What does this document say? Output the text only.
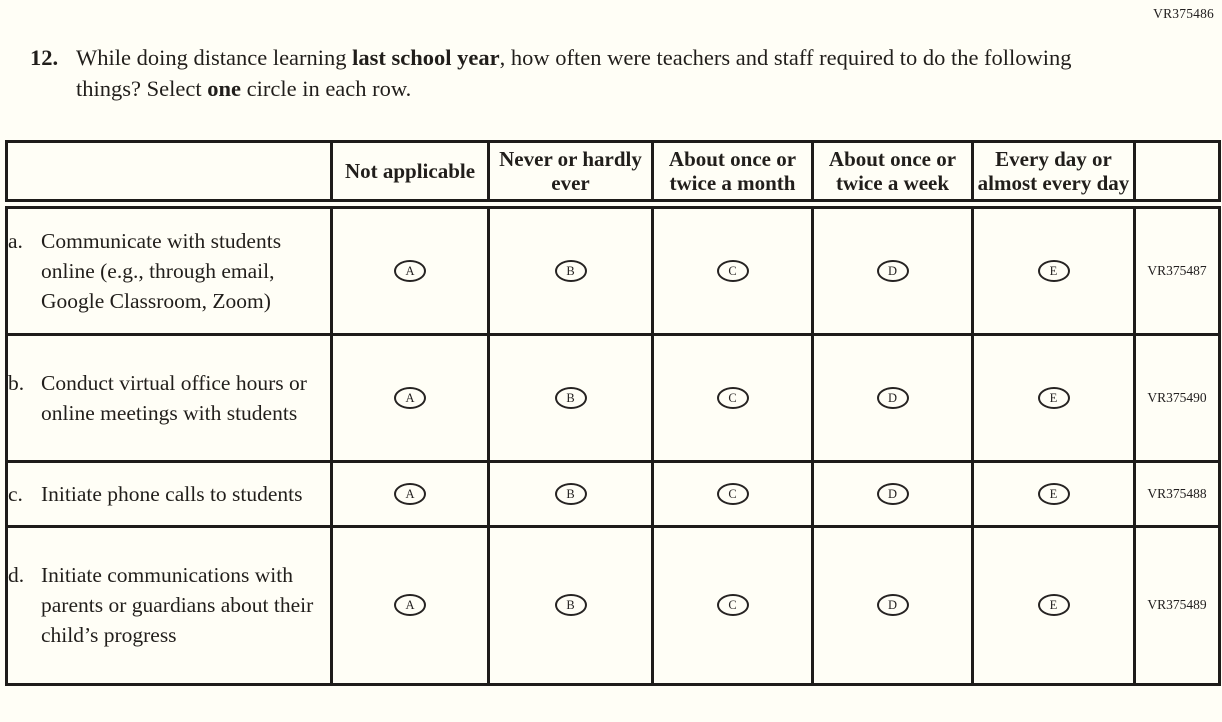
VR375486
12. While doing distance learning last school year, how often were teachers and staff required to do the following things? Select one circle in each row.
	Not applicable	Never or hardly ever	About once or twice a month	About once or twice a week	Every day or almost every day	

a. Communicate with students online (e.g., through email, Google Classroom, Zoom)	A	B	C	D	E	VR375487

b. Conduct virtual office hours or online meetings with students	A	B	C	D	E	VR375490

c. Initiate phone calls to students	A	B	C	D	E	VR375488

d. Initiate communications with parents or guardians about their child’s progress	A	B	C	D	E	VR375489
